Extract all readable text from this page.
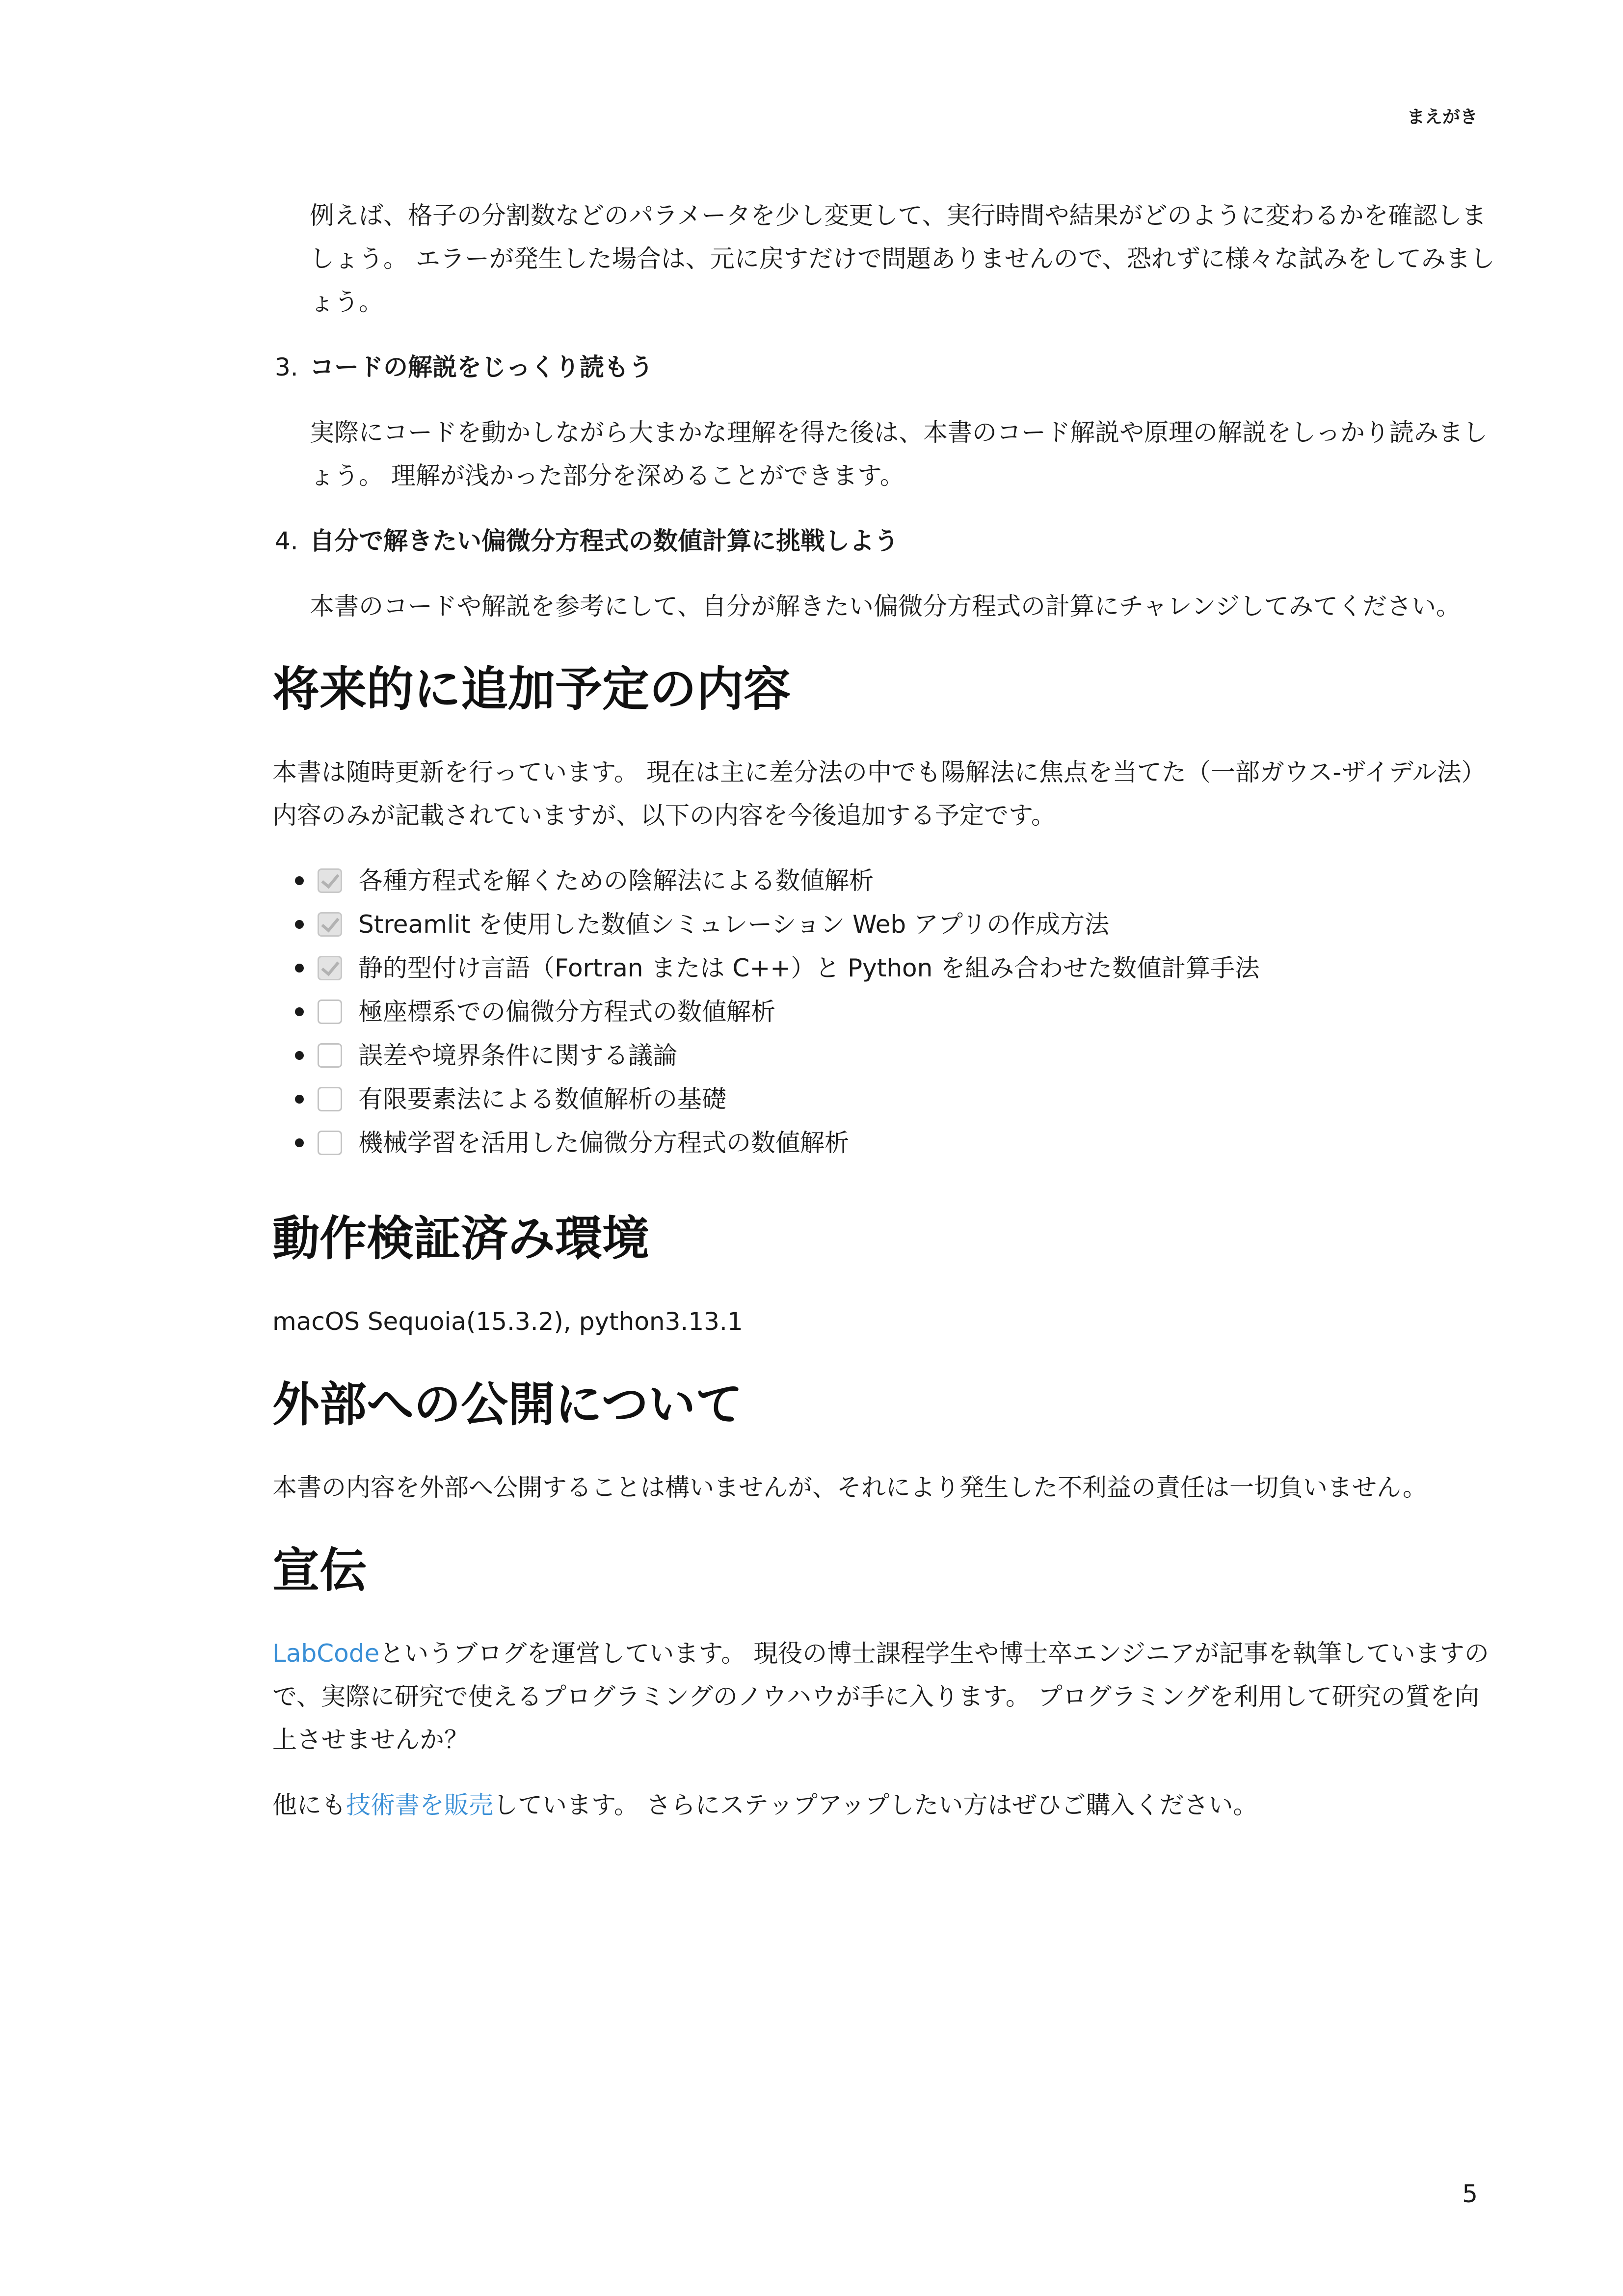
まえがき

例えば、格子の分割数などのパラメータを少し変更して、実行時間や結果がどのように変わるかを確認しましょう。 エラーが発生した場合は、元に戻すだけで問題ありませんので、恐れずに様々な試みをしてみましょう。

3. コードの解説をじっくり読もう

実際にコードを動かしながら大まかな理解を得た後は、本書のコード解説や原理の解説をしっかり読みましょう。 理解が浅かった部分を深めることができます。

4. 自分で解きたい偏微分方程式の数値計算に挑戦しよう

本書のコードや解説を参考にして、自分が解きたい偏微分方程式の計算にチャレンジしてみてください。

将来的に追加予定の内容

本書は随時更新を行っています。 現在は主に差分法の中でも陽解法に焦点を当てた（一部ガウス-ザイデル法）内容のみが記載されていますが、以下の内容を今後追加する予定です。

各種方程式を解くための陰解法による数値解析
Streamlit を使用した数値シミュレーション Web アプリの作成方法
静的型付け言語（Fortran または C++）と Python を組み合わせた数値計算手法
極座標系での偏微分方程式の数値解析
誤差や境界条件に関する議論
有限要素法による数値解析の基礎
機械学習を活用した偏微分方程式の数値解析
動作検証済み環境

macOS Sequoia(15.3.2), python3.13.1

外部への公開について

本書の内容を外部へ公開することは構いませんが、それにより発生した不利益の責任は一切負いません。

宣伝

LabCodeというブログを運営しています。 現役の博士課程学生や博士卒エンジニアが記事を執筆していますので、実際に研究で使えるプログラミングのノウハウが手に入ります。 プログラミングを利用して研究の質を向上させませんか？

他にも技術書を販売しています。 さらにステップアップしたい方はぜひご購入ください。

5
